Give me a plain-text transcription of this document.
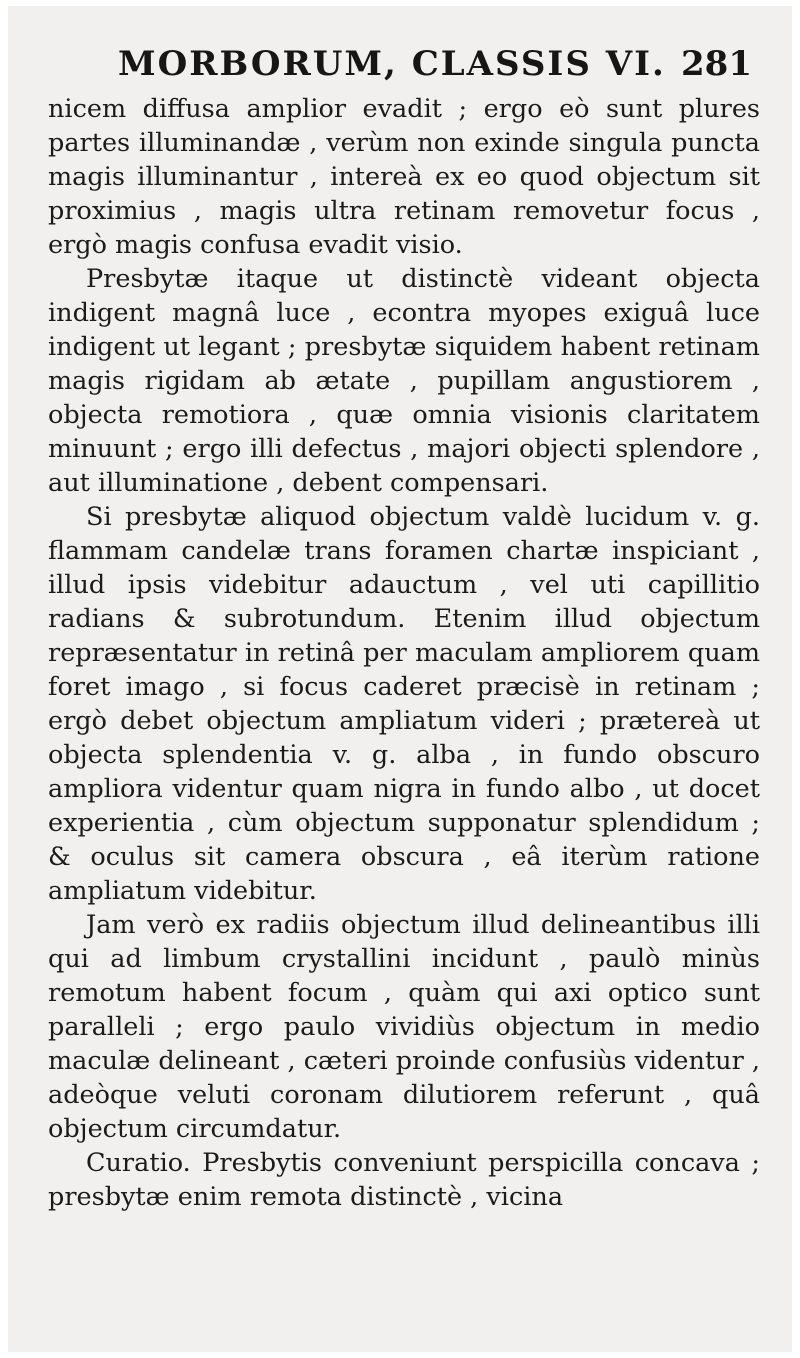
MORBORUM, CLASSIS VI. 281

nicem diffusa amplior evadit ; ergo eò sunt plures partes illuminandæ , verùm non exinde singula puncta magis illuminantur , intereà ex eo quod objectum sit proximius , magis ultra retinam removetur focus , ergò magis confusa evadit visio.

Presbytæ itaque ut distinctè videant objecta indigent magnâ luce , econtra myopes exiguâ luce indigent ut legant ; presbytæ siquidem habent retinam magis rigidam ab ætate , pupillam angustiorem , objecta remotiora , quæ omnia visionis claritatem minuunt ; ergo illi defectus , majori objecti splendore , aut illuminatione , debent compensari.

Si presbytæ aliquod objectum valdè lucidum v. g. flammam candelæ trans foramen chartæ inspiciant , illud ipsis videbitur adauctum , vel uti capillitio radians & subrotundum. Etenim illud objectum repræsentatur in retinâ per maculam ampliorem quam foret imago , si focus caderet præcisè in retinam ; ergò debet objectum ampliatum videri ; prætereà ut objecta splendentia v. g. alba , in fundo obscuro ampliora videntur quam nigra in fundo albo , ut docet experientia , cùm objectum supponatur splendidum ; & oculus sit camera obscura , eâ iterùm ratione ampliatum videbitur.

Jam verò ex radiis objectum illud delineantibus illi qui ad limbum crystallini incidunt , paulò minùs remotum habent focum , quàm qui axi optico sunt paralleli ; ergo paulo vividiùs objectum in medio maculæ delineant , cæteri proinde confusiùs videntur , adeòque veluti coronam dilutiorem referunt , quâ objectum circumdatur.

Curatio. Presbytis conveniunt perspicilla concava ; presbytæ enim remota distinctè , vicina
